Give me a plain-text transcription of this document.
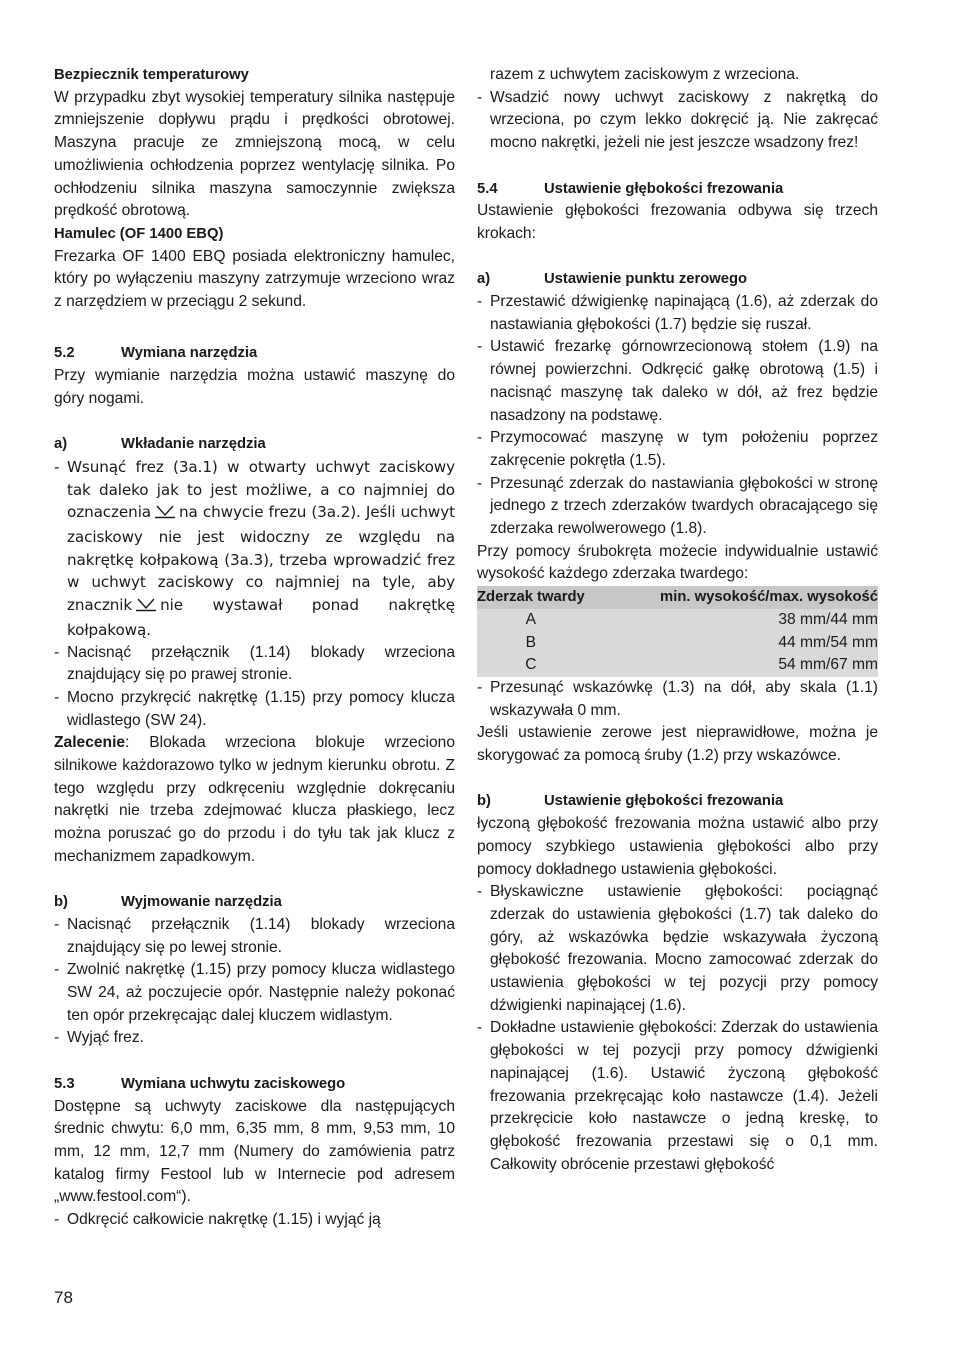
Bezpiecznik temperaturowy

W przypadku zbyt wysokiej temperatury silnika następuje zmniejszenie dopływu prądu i prędkości obrotowej. Maszyna pracuje ze zmniejszoną mocą, w celu umożliwienia ochłodzenia poprzez wentylację silnika. Po ochłodzeniu silnika maszyna samoczynnie zwiększa prędkość obrotową.

Hamulec (OF 1400 EBQ)

Frezarka OF 1400 EBQ posiada elektroniczny hamulec, który po wyłączeniu maszyny zatrzymuje wrzeciono wraz z narzędziem w przeciągu 2 sekund.

5.2	Wymiana narzędzia

Przy wymianie narzędzia można ustawić maszynę do góry nogami.

a)	Wkładanie narzędzia

- Wsunąć frez (3a.1) w otwarty uchwyt zaciskowy tak daleko jak to jest możliwe, a co najmniej do oznaczenia na chwycie frezu (3a.2). Jeśli uchwyt zaciskowy nie jest widoczny ze względu na nakrętkę kołpakową (3a.3), trzeba wprowadzić frez w uchwyt zaciskowy co najmniej na tyle, aby znacznik nie wystawał ponad nakrętkę kołpakową.
- Nacisnąć przełącznik (1.14) blokady wrzeciona znajdujący się po prawej stronie.
- Mocno przykręcić nakrętkę (1.15) przy pomocy klucza widlastego (SW 24).

Zalecenie: Blokada wrzeciona blokuje wrzeciono silnikowe każdorazowo tylko w jednym kierunku obrotu. Z tego względu przy odkręceniu względnie dokręcaniu nakrętki nie trzeba zdejmować klucza płaskiego, lecz można poruszać go do przodu i do tyłu tak jak klucz z mechanizmem zapadkowym.

b)	Wyjmowanie narzędzia

- Nacisnąć przełącznik (1.14) blokady wrzeciona znajdujący się po lewej stronie.
- Zwolnić nakrętkę (1.15) przy pomocy klucza widlastego SW 24, aż poczujecie opór. Następnie należy pokonać ten opór przekręcając dalej kluczem widlastym.
- Wyjąć frez.

5.3	Wymiana uchwytu zaciskowego

Dostępne są uchwyty zaciskowe dla następujących średnic chwytu: 6,0 mm, 6,35 mm, 8 mm, 9,53 mm, 10 mm, 12 mm, 12,7 mm (Numery do zamówienia patrz katalog firmy Festool lub w Internecie pod adresem „www.festool.com“).

- Odkręcić całkowicie nakrętkę (1.15) i wyjąć ją

razem z uchwytem zaciskowym z wrzeciona.

- Wsadzić nowy uchwyt zaciskowy z nakrętką do wrzeciona, po czym lekko dokręcić ją. Nie zakręcać mocno nakrętki, jeżeli nie jest jeszcze wsadzony frez!

5.4	Ustawienie głębokości frezowania

Ustawienie głębokości frezowania odbywa się trzech krokach:

a)	Ustawienie punktu zerowego

- Przestawić dźwigienkę napinającą (1.6), aż zderzak do nastawiania głębokości (1.7) będzie się ruszał.
- Ustawić frezarkę górnowrzecionową stołem (1.9) na równej powierzchni. Odkręcić gałkę obrotową (1.5) i nacisnąć maszynę tak daleko w dół, aż frez będzie nasadzony na podstawę.
- Przymocować maszynę w tym położeniu poprzez zakręcenie pokrętła (1.5).
- Przesunąć zderzak do nastawiania głębokości w stronę jednego z trzech zderzaków twardych obracającego się zderzaka rewolwerowego (1.8).

Przy pomocy śrubokręta możecie indywidualnie ustawić wysokość każdego zderzaka twardego:

Zderzak twardy	min. wysokość/max. wysokość
	A	38 mm/44 mm
	B	44 mm/54 mm
	C	54 mm/67 mm
- Przesunąć wskazówkę (1.3) na dół, aby skala (1.1) wskazywała 0 mm.

Jeśli ustawienie zerowe jest nieprawidłowe, można je skorygować za pomocą śruby (1.2) przy wskazówce.

b)	Ustawienie głębokości frezowania

łyczoną głębokość frezowania można ustawić albo przy pomocy szybkiego ustawienia głębokości albo przy pomocy dokładnego ustawienia głębokości.

- Błyskawiczne ustawienie głębokości: pociągnąć zderzak do ustawienia głębokości (1.7) tak daleko do góry, aż wskazówka będzie wskazywała życzoną głębokość frezowania. Mocno zamocować zderzak do ustawienia głębokości w tej pozycji przy pomocy dźwigienki napinającej (1.6).
- Dokładne ustawienie głębokości: Zderzak do ustawienia głębokości w tej pozycji przy pomocy dźwigienki napinającej (1.6). Ustawić życzoną głębokość frezowania przekręcając koło nastawcze (1.4). Jeżeli przekręcicie koło nastawcze o jedną kreskę, to głębokość frezowania przestawi się o 0,1 mm. Całkowity obrócenie przestawi głębokość
78
